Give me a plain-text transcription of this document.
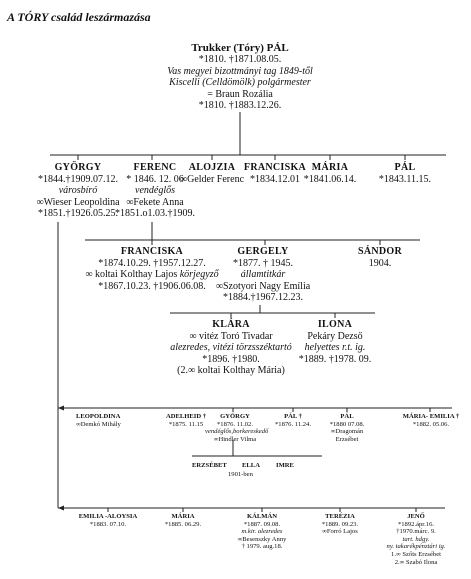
A TÓRY család leszármazása
Trukker (Tóry) PÁL
*1810. †1871.08.05.
Vas megyei bizottmányi tag 1849-től
Kiscelli (Celldömölk) polgármester
= Braun Rozália
*1810. †1883.12.26.
GYÖRGY
*1844.†1909.07.12.
városbíró
∞Wieser Leopoldina
*1851.†1926.05.25.
FERENC
* 1846. 12. 06
vendéglős
∞Fekete Anna
*1851.o1.03.†1909.
ALOJZIA
∞Gelder Ferenc
FRANCISKA
*1834.12.01
MÁRIA
*1841.06.14.
PÁL
*1843.11.15.
FRANCISKA
*1874.10.29. †1957.12.27.
∞ koltai Kolthay Lajos körjegyző
*1867.10.23. †1906.06.08.
GERGELY
*1877. † 1945.
államtitkár
∞Szotyori Nagy Emília
*1884.†1967.12.23.
SÁNDOR
1904.
KLÁRA
∞ vitéz Toró Tivadar
alezredes, vitézi törzsszéktartó
*1896. †1980.
(2.∞ koltai Kolthay Mária)
ILONA
Pekáry Dezső
helyettes r.t. ig.
*1889. †1978. 09.
LEOPOLDINA
∞Demkó Mihály
ADELHEID †
*1875. 11.15
GYÖRGY
*1876. 11.02.
vendéglős,borkereskedő
∞Hindler Vilma
PÁL †
*1876. 11.24.
PÁL
*1880 07.08.
∞Dragomán
Erzsébet
MÁRIA- EMILIA †
*1882. 05.06.
ERZSÉBET ELLA IMRE
1901-ben
EMILIA -ALOYSIA
*1883. 07.10.
MÁRIA
*1885. 06.29.
KÁLMÁN
*1887. 09.08.
m.kir. alezredes
∞Besenszky Anny
† 1979. aug.18.
TERÉZIA
*1889. 09.23.
∞Forró Lajos
JENŐ
*1892.ápr.16.
†1970.márc. 9.
tart. hdgy.
ny. takarékpénztári ig.
1.∞ Szőts Erzsébet
2.∞ Szabó Ilona
